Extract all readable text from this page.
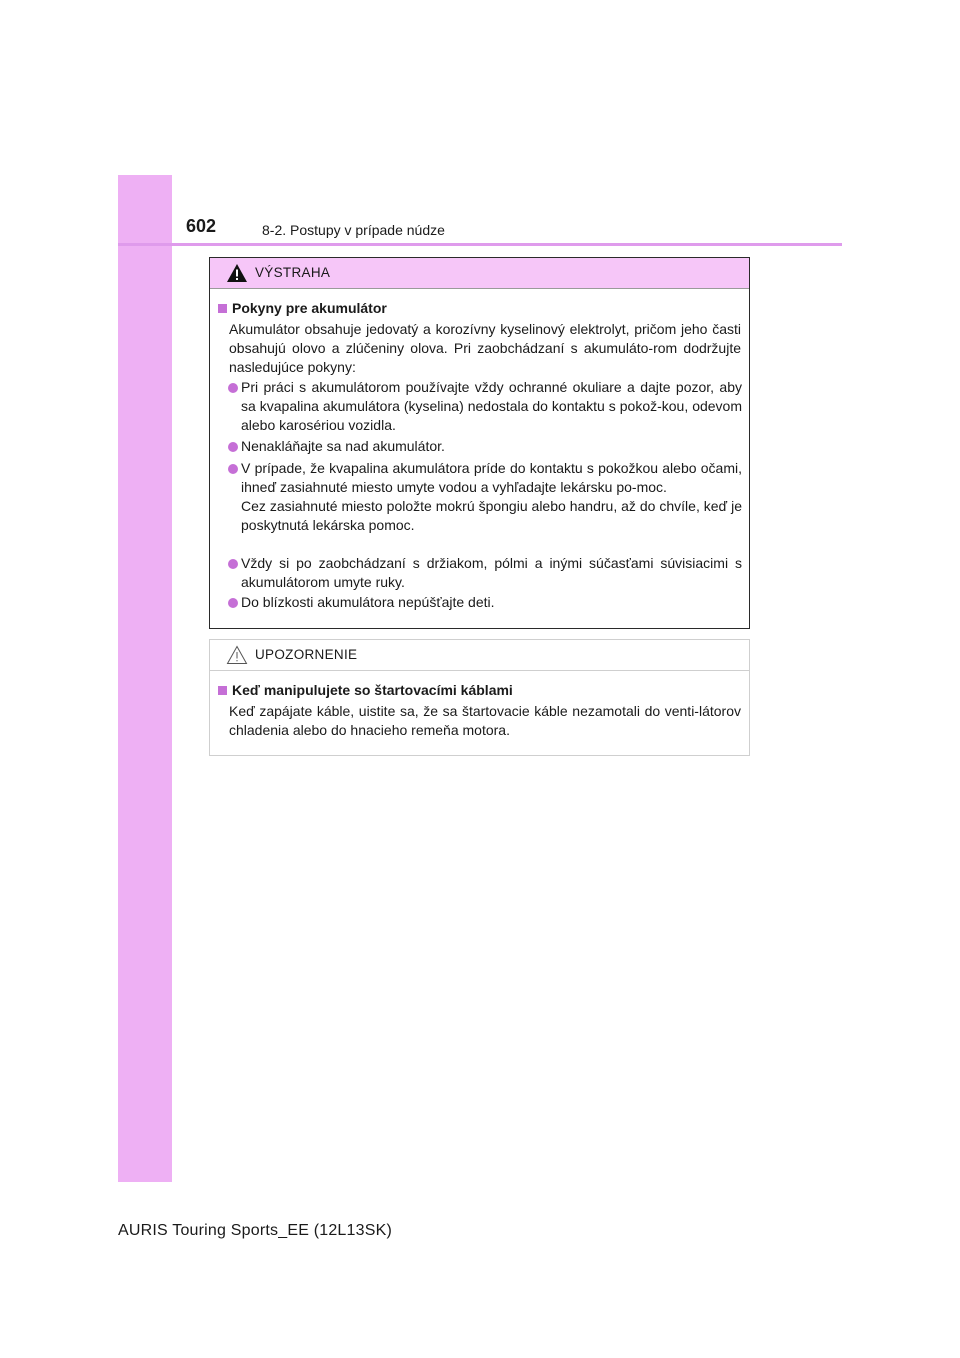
602	8-2. Postupy v prípade núdze
VÝSTRAHA
Pokyny pre akumulátor
Akumulátor obsahuje jedovatý a korozívny kyselinový elektrolyt, pričom jeho časti obsahujú olovo a zlúčeniny olova. Pri zaobchádzaní s akumuláto-rom dodržujte nasledujúce pokyny:
Pri práci s akumulátorom používajte vždy ochranné okuliare a dajte pozor, aby sa kvapalina akumulátora (kyselina) nedostala do kontaktu s pokož-kou, odevom alebo karosériou vozidla.
Nenakláňajte sa nad akumulátor.
V prípade, že kvapalina akumulátora príde do kontaktu s pokožkou alebo očami, ihneď zasiahnuté miesto umyte vodou a vyhľadajte lekársku po-moc.
Cez zasiahnuté miesto položte mokrú špongiu alebo handru, až do chvíle, keď je poskytnutá lekárska pomoc.
Vždy si po zaobchádzaní s držiakom, pólmi a inými súčasťami súvisiacimi s akumulátorom umyte ruky.
Do blízkosti akumulátora nepúšťajte deti.
UPOZORNENIE
Keď manipulujete so štartovacími káblami
Keď zapájate káble, uistite sa, že sa štartovacie káble nezamotali do venti-látorov chladenia alebo do hnacieho remeňa motora.
AURIS Touring Sports_EE (12L13SK)
